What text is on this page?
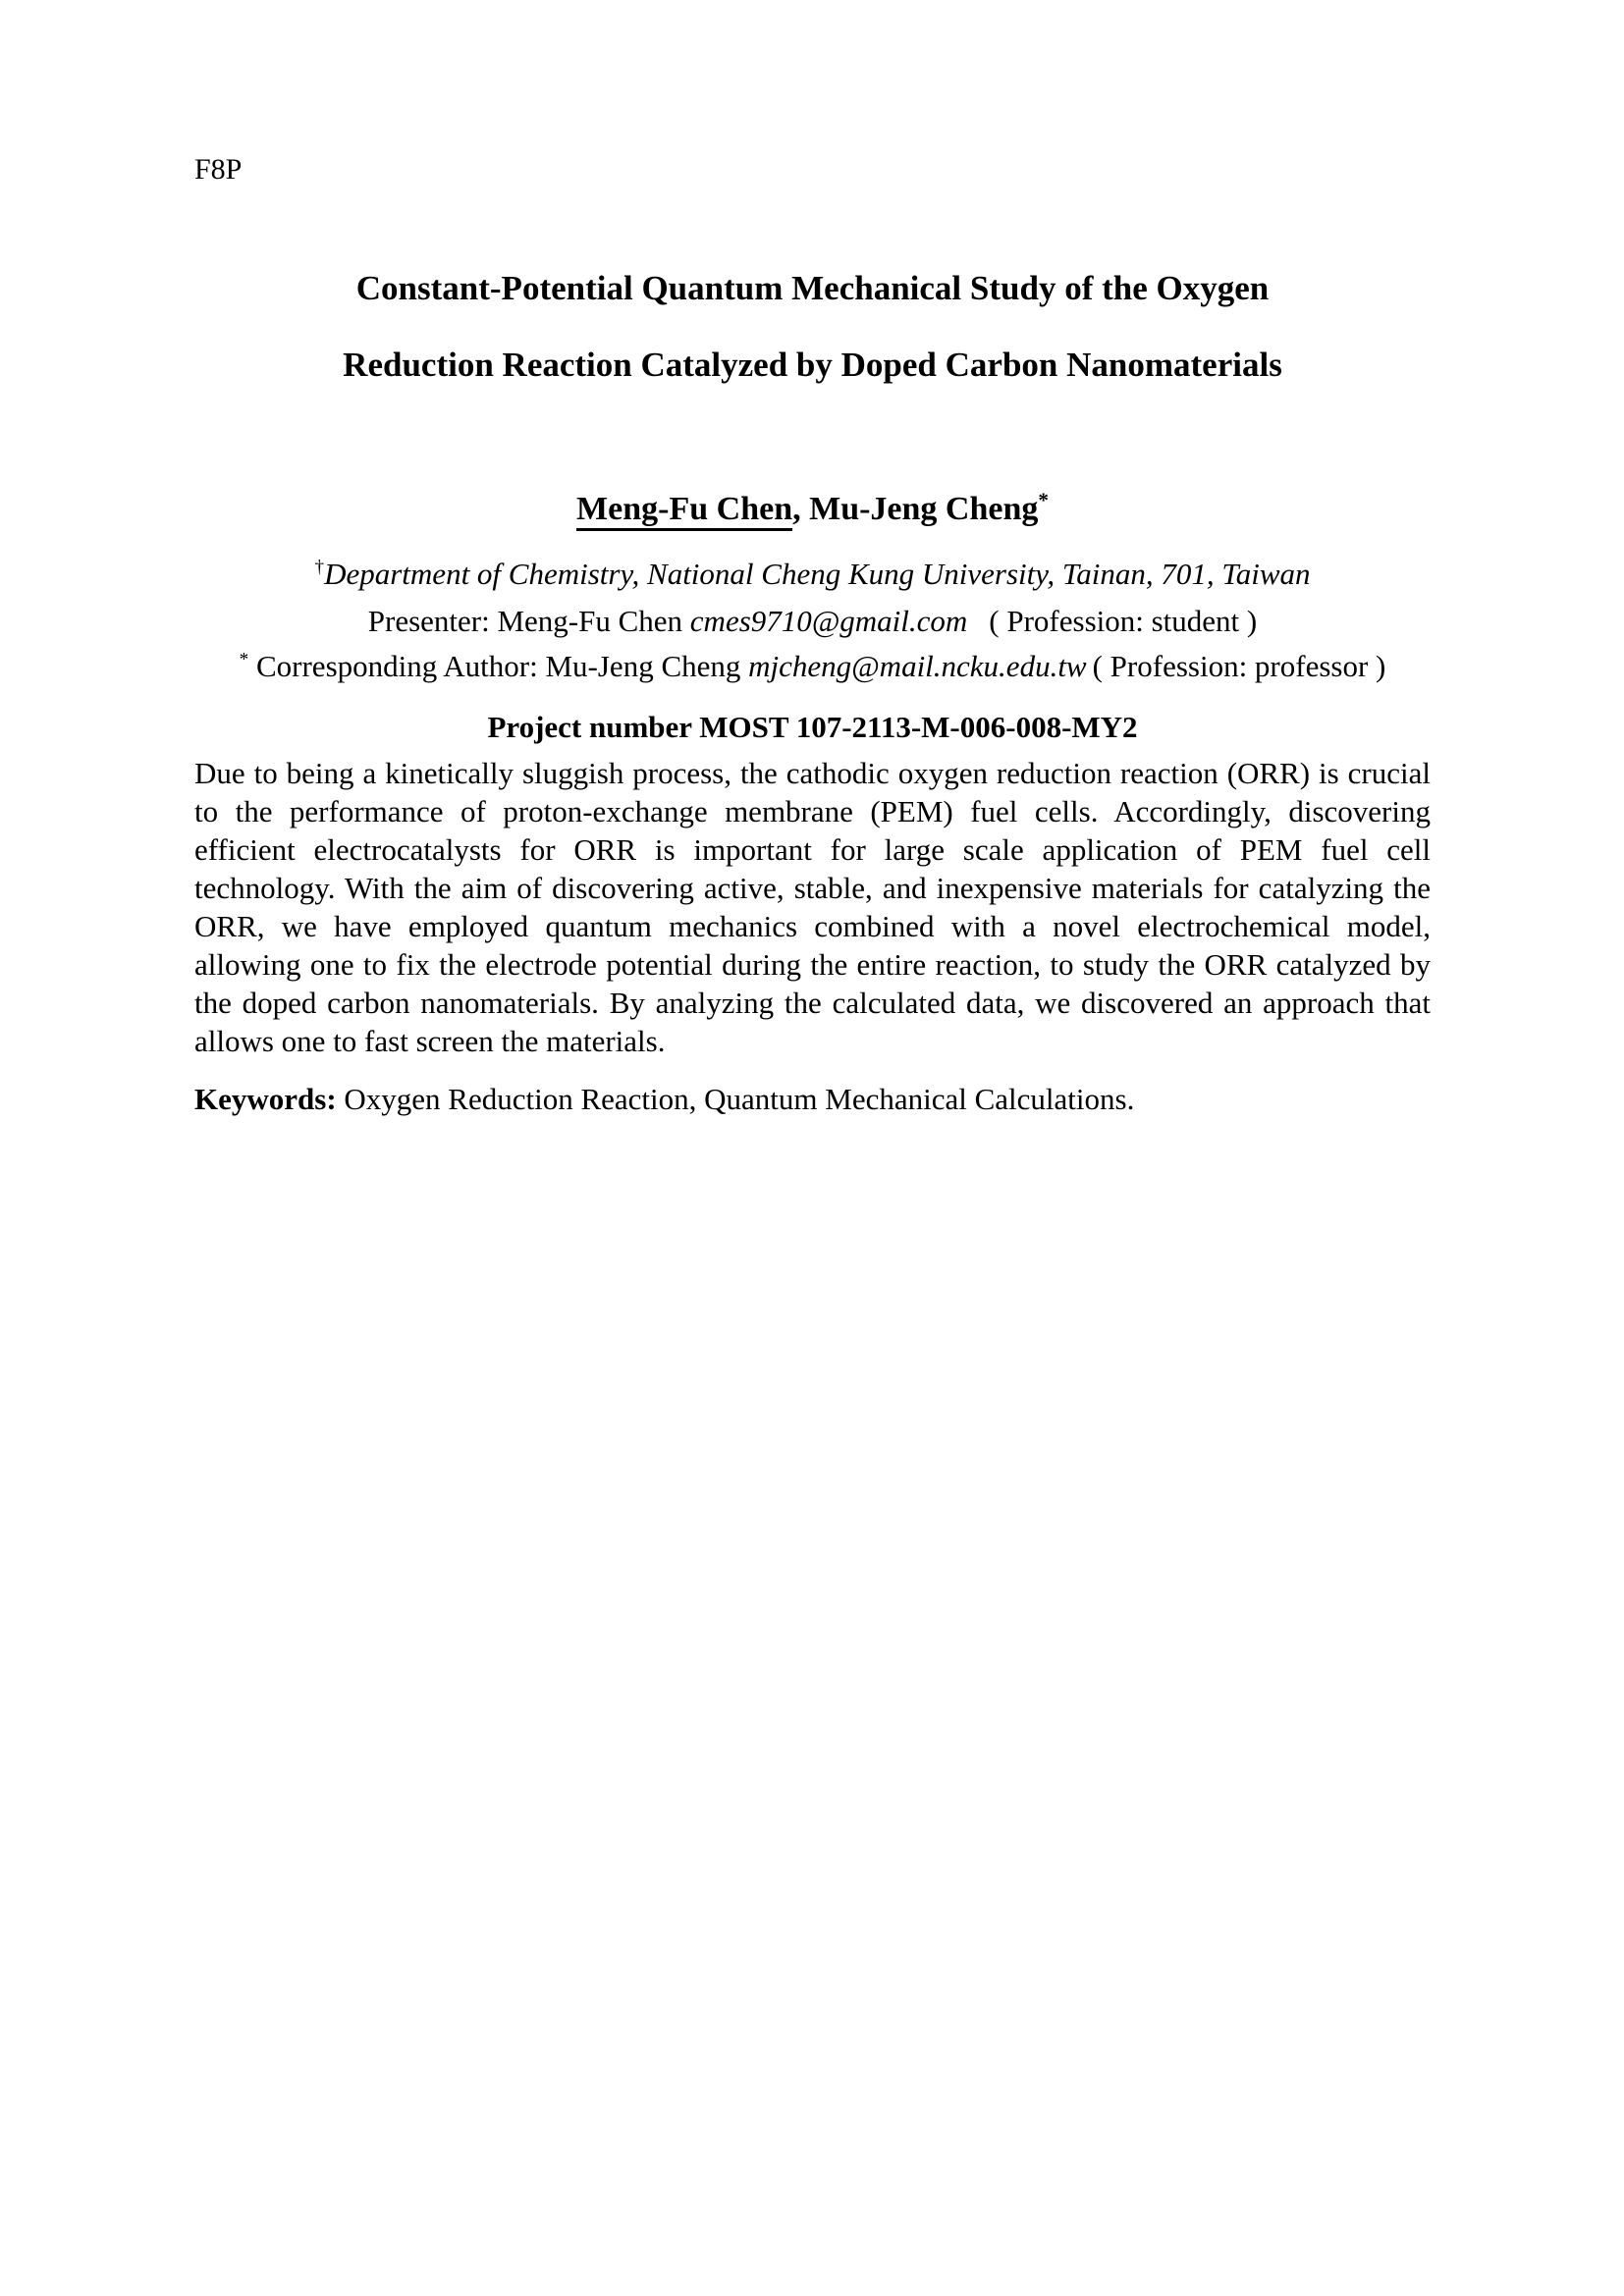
F8P
Constant-Potential Quantum Mechanical Study of the Oxygen
Reduction Reaction Catalyzed by Doped Carbon Nanomaterials
Meng-Fu Chen, Mu-Jeng Cheng*
†Department of Chemistry, National Cheng Kung University, Tainan, 701, Taiwan
Presenter: Meng-Fu Chen cmes9710@gmail.com ( Profession: student )
* Corresponding Author: Mu-Jeng Cheng mjcheng@mail.ncku.edu.tw ( Profession: professor )
Project number MOST 107-2113-M-006-008-MY2
Due to being a kinetically sluggish process, the cathodic oxygen reduction reaction (ORR) is crucial to the performance of proton-exchange membrane (PEM) fuel cells. Accordingly, discovering efficient electrocatalysts for ORR is important for large scale application of PEM fuel cell technology. With the aim of discovering active, stable, and inexpensive materials for catalyzing the ORR, we have employed quantum mechanics combined with a novel electrochemical model, allowing one to fix the electrode potential during the entire reaction, to study the ORR catalyzed by the doped carbon nanomaterials. By analyzing the calculated data, we discovered an approach that allows one to fast screen the materials.
Keywords: Oxygen Reduction Reaction, Quantum Mechanical Calculations.
